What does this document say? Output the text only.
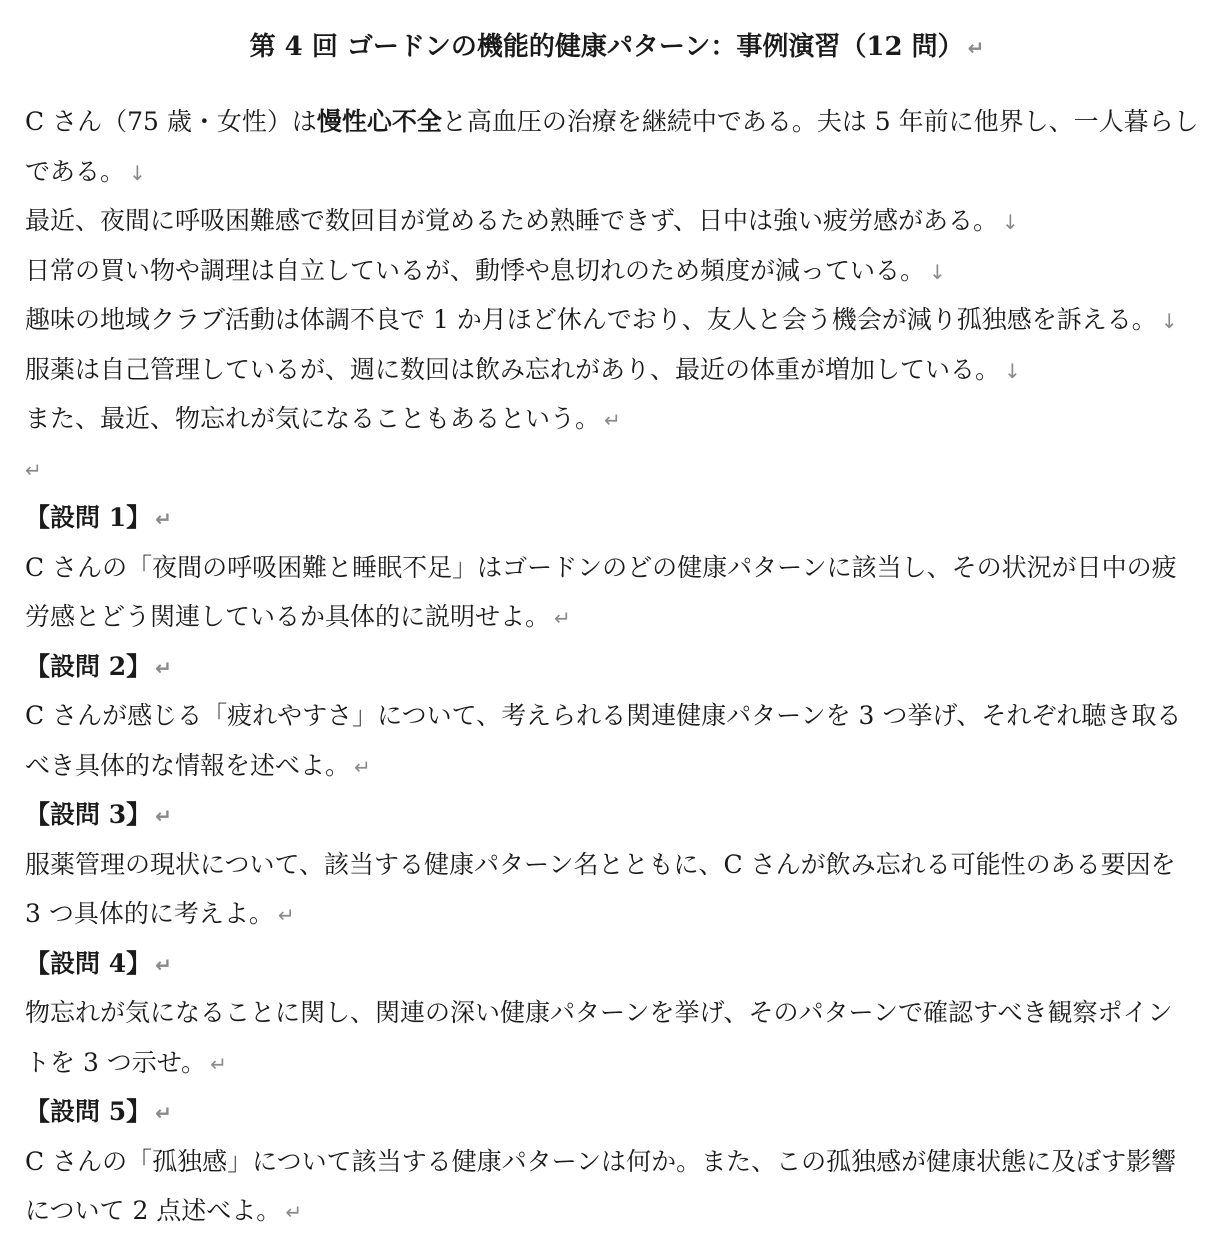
第 4 回 ゴードンの機能的健康パターン：事例演習（12 問） ↵
C さん（75 歳・女性）は慢性心不全と高血圧の治療を継続中である。夫は 5 年前に他界し、一人暮らし
である。 ↓
最近、夜間に呼吸困難感で数回目が覚めるため熟睡できず、日中は強い疲労感がある。 ↓
日常の買い物や調理は自立しているが、動悸や息切れのため頻度が減っている。 ↓
趣味の地域クラブ活動は体調不良で 1 か月ほど休んでおり、友人と会う機会が減り孤独感を訴える。 ↓
服薬は自己管理しているが、週に数回は飲み忘れがあり、最近の体重が増加している。 ↓
また、最近、物忘れが気になることもあるという。 ↵
↵
【設問 1】 ↵
C さんの「夜間の呼吸困難と睡眠不足」はゴードンのどの健康パターンに該当し、その状況が日中の疲
労感とどう関連しているか具体的に説明せよ。 ↵
【設問 2】 ↵
C さんが感じる「疲れやすさ」について、考えられる関連健康パターンを 3 つ挙げ、それぞれ聴き取る
べき具体的な情報を述べよ。 ↵
【設問 3】 ↵
服薬管理の現状について、該当する健康パターン名とともに、C さんが飲み忘れる可能性のある要因を
3 つ具体的に考えよ。 ↵
【設問 4】 ↵
物忘れが気になることに関し、関連の深い健康パターンを挙げ、そのパターンで確認すべき観察ポイン
トを 3 つ示せ。 ↵
【設問 5】 ↵
C さんの「孤独感」について該当する健康パターンは何か。また、この孤独感が健康状態に及ぼす影響
について 2 点述べよ。 ↵
